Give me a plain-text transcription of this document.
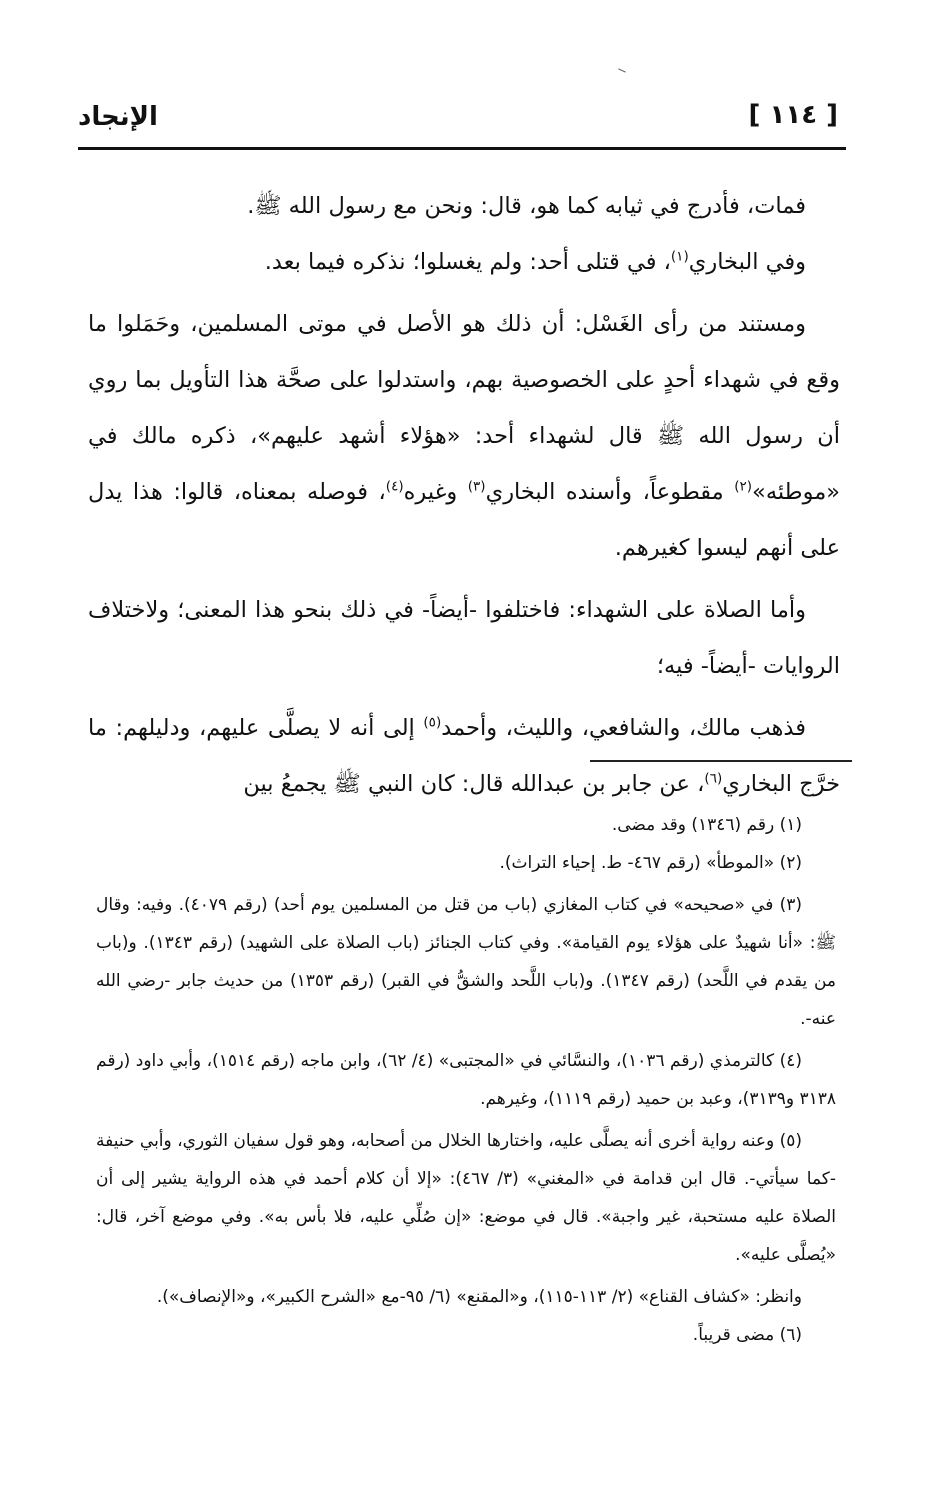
[ ١١٤ ]
الإنجاد

فمات، فأدرج في ثيابه كما هو، قال: ونحن مع رسول الله ﷺ.

وفي البخاري$^{(١)}$، في قتلى أحد: ولم يغسلوا؛ نذكره فيما بعد.

ومستند من رأى الغَسْل: أن ذلك هو الأصل في موتى المسلمين، وحَمَلوا ما وقع في شهداء أحدٍ على الخصوصية بهم، واستدلوا على صحَّة هذا التأويل بما روي أن رسول الله ﷺ قال لشهداء أحد: «هؤلاء أشهد عليهم»، ذكره مالك في «موطئه»$^{(٢)}$ مقطوعاً، وأسنده البخاري$^{(٣)}$ وغيره$^{(٤)}$، فوصله بمعناه، قالوا: هذا يدل على أنهم ليسوا كغيرهم.

وأما الصلاة على الشهداء: فاختلفوا -أيضاً- في ذلك بنحو هذا المعنى؛ ولاختلاف الروايات -أيضاً- فيه؛

فذهب مالك، والشافعي، والليث، وأحمد$^{(٥)}$ إلى أنه لا يصلَّى عليهم، ودليلهم: ما خرَّج البخاري$^{(٦)}$، عن جابر بن عبدالله قال: كان النبي ﷺ يجمعُ بين

(١) رقم (١٣٤٦) وقد مضى.

(٢) «الموطأ» (رقم ٤٦٧- ط. إحياء التراث).

(٣) في «صحيحه» في كتاب المغازي (باب من قتل من المسلمين يوم أحد) (رقم ٤٠٧٩). وفيه: وقال ﷺ: «أنا شهيدٌ على هؤلاء يوم القيامة». وفي كتاب الجنائز (باب الصلاة على الشهيد) (رقم ١٣٤٣). و(باب من يقدم في اللَّحد) (رقم ١٣٤٧). و(باب اللَّحد والشقُّ في القبر) (رقم ١٣٥٣) من حديث جابر -رضي الله عنه-.

(٤) كالترمذي (رقم ١٠٣٦)، والنسَّائي في «المجتبى» (٤/ ٦٢)، وابن ماجه (رقم ١٥١٤)، وأبي داود (رقم ٣١٣٨ و٣١٣٩)، وعبد بن حميد (رقم ١١١٩)، وغيرهم.

(٥) وعنه رواية أخرى أنه يصلَّى عليه، واختارها الخلال من أصحابه، وهو قول سفيان الثوري، وأبي حنيفة -كما سيأتي-. قال ابن قدامة في «المغني» (٣/ ٤٦٧): «إلا أن كلام أحمد في هذه الرواية يشير إلى أن الصلاة عليه مستحبة، غير واجبة». قال في موضع: «إن صُلِّي عليه، فلا بأس به». وفي موضع آخر، قال: «يُصلَّى عليه».

وانظر: «كشاف القناع» (٢/ ١١٣-١١٥)، و«المقنع» (٦/ ٩٥-مع «الشرح الكبير»، و«الإنصاف»).

(٦) مضى قريباً.
